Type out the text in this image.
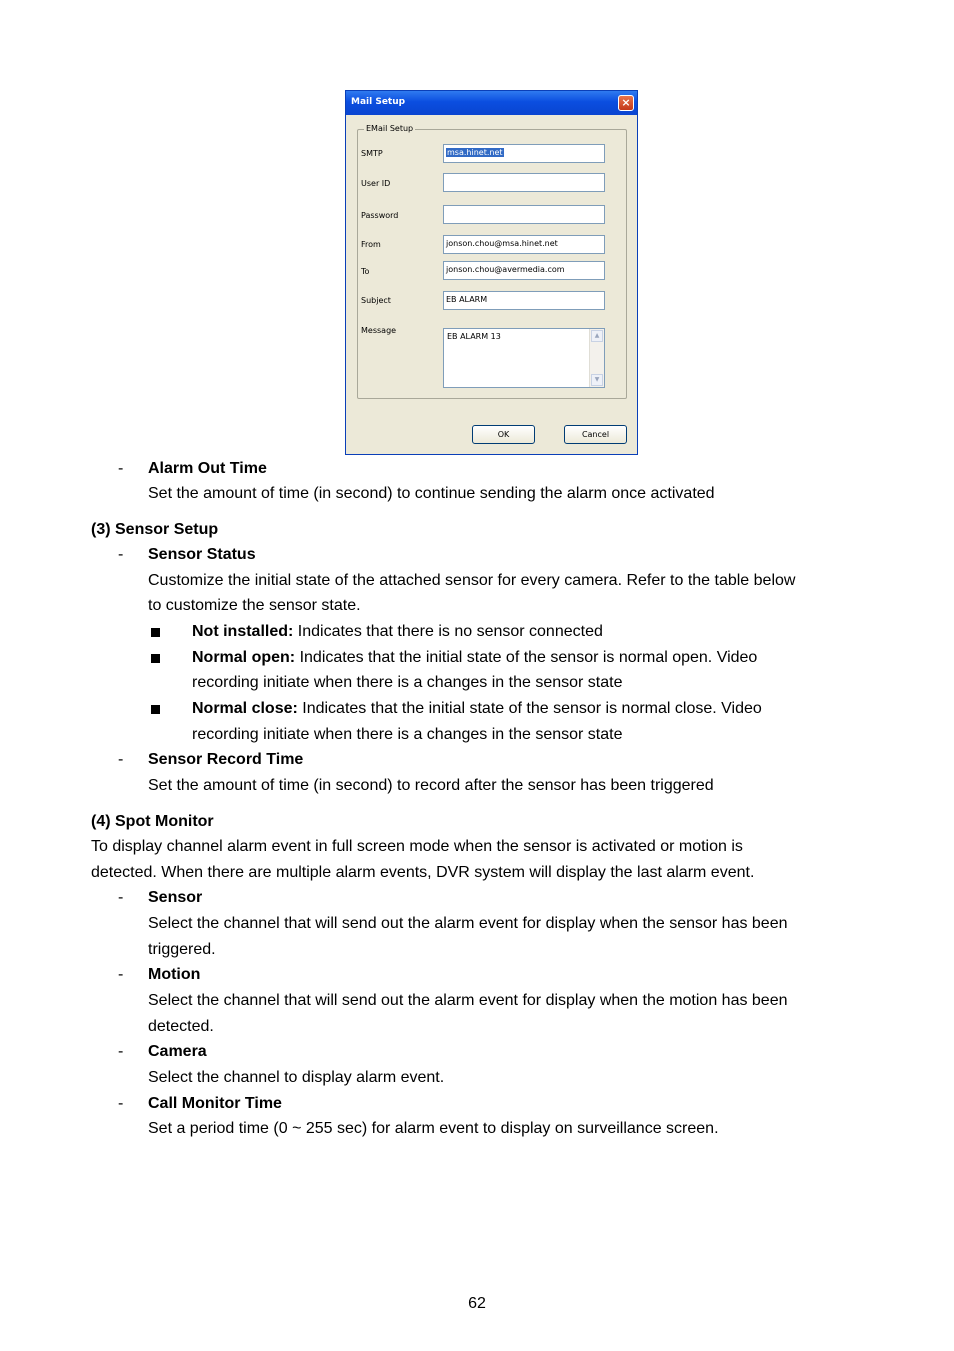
Mail Setup	×
EMail Setup
SMTP	msa.hinet.net
User ID
Password
From	jonson.chou@msa.hinet.net
To	jonson.chou@avermedia.com
Subject	EB ALARM
Message
EB ALARM 13	▲
▼
OK	Cancel
- Alarm Out Time
Set the amount of time (in second) to continue sending the alarm once activated
(3) Sensor Setup
- Sensor Status
Customize the initial state of the attached sensor for every camera. Refer to the table below
to customize the sensor state.
Not installed: Indicates that there is no sensor connected
Normal open: Indicates that the initial state of the sensor is normal open. Video
recording initiate when there is a changes in the sensor state
Normal close: Indicates that the initial state of the sensor is normal close. Video
recording initiate when there is a changes in the sensor state
- Sensor Record Time
Set the amount of time (in second) to record after the sensor has been triggered
(4) Spot Monitor
To display channel alarm event in full screen mode when the sensor is activated or motion is
detected. When there are multiple alarm events, DVR system will display the last alarm event.
- Sensor
Select the channel that will send out the alarm event for display when the sensor has been
triggered.
- Motion
Select the channel that will send out the alarm event for display when the motion has been
detected.
- Camera
Select the channel to display alarm event.
- Call Monitor Time
Set a period time (0 ~ 255 sec) for alarm event to display on surveillance screen.
62
